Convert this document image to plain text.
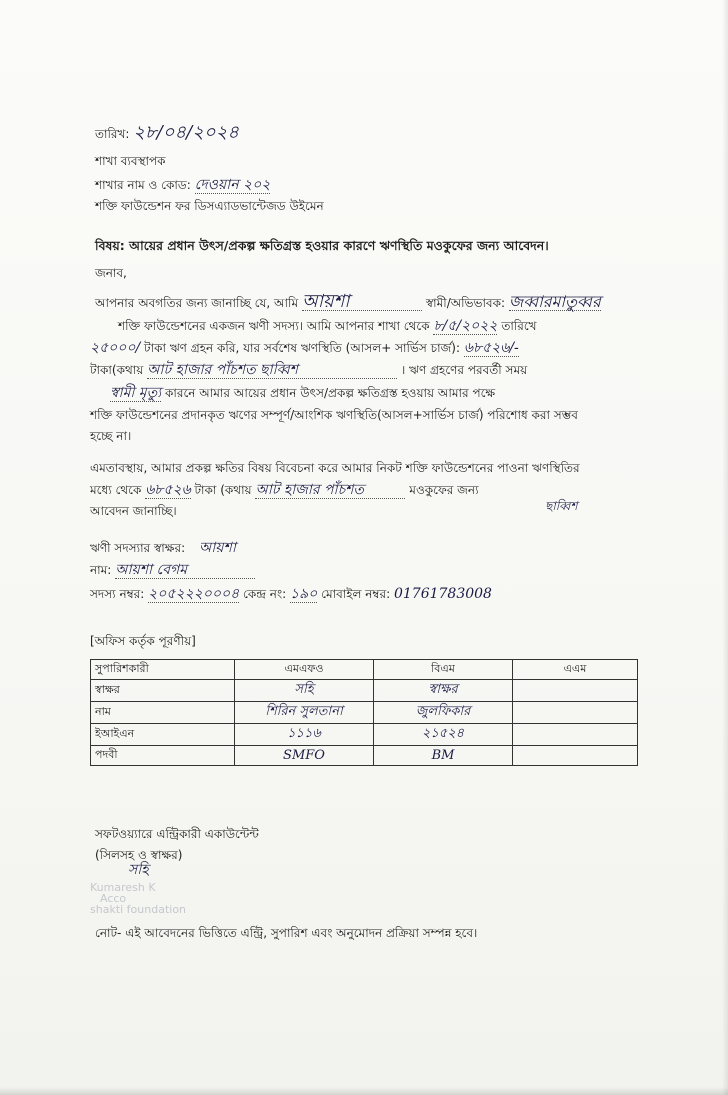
তারিখ: ২৮/০৪/২০২৪
শাখা ব্যবস্থাপক
শাখার নাম ও কোড: দেওয়ান ২০২
শক্তি ফাউন্ডেশন ফর ডিসএ্যাডভান্টেজড উইমেন
বিষয়: আয়ের প্রধান উৎস/প্রকল্প ক্ষতিগ্রস্ত হওয়ার কারণে ঋণস্থিতি মওকুফের জন্য আবেদন।
জনাব,
আপনার অবগতির জন্য জানাচ্ছি যে, আমি আয়শা	স্বামী/অভিভাবক: জব্বারমাতুব্বর
শক্তি ফাউন্ডেশনের একজন ঋণী সদস্য। আমি আপনার শাখা থেকে ৮/৫/২০২২ তারিখে
২৫০০০/ টাকা ঋণ গ্রহন করি, যার সর্বশেষ ঋণস্থিতি (আসল+ সার্ভিস চার্জ): ৬৮৫২৬/-
টাকা(কথায় আট হাজার পাঁচশত ছাব্বিশ	। ঋণ গ্রহণের পরবর্তী সময়
স্বামী মৃত্যু কারনে আমার আয়ের প্রধান উৎস/প্রকল্প ক্ষতিগ্রস্ত হওয়ায় আমার পক্ষে
শক্তি ফাউন্ডেশনের প্রদানকৃত ঋণের সম্পূর্ণ/আংশিক ঋণস্থিতি(আসল+সার্ভিস চার্জ) পরিশোধ করা সম্ভব
হচ্ছে না।
এমতাবস্থায়, আমার প্রকল্প ক্ষতির বিষয় বিবেচনা করে আমার নিকট শক্তি ফাউন্ডেশনের পাওনা ঋণস্থিতির
মধ্যে থেকে ৬৮৫২৬ টাকা (কথায় আট হাজার পাঁচশত	মওকুফের জন্য
ছাব্বিশ
আবেদন জানাচ্ছি।
ঋণী সদস্যার স্বাক্ষর: আয়শা
নাম: আয়শা বেগম
সদস্য নম্বর: ২০৫২২২০০০৪ কেন্দ্র নং: ১৯০ মোবাইল নম্বর: 01761783008
[অফিস কর্তৃক পূরণীয়]
সুপারিশকারী	এমএফও	বিএম	এএম
স্বাক্ষর	সহি	স্বাক্ষর	
নাম	শিরিন সুলতানা	জুলফিকার	
ইআইএন	১১১৬	২১৫২৪	
পদবী	SMFO	BM	
সফটওয়্যারে এন্ট্রিকারী একাউন্টেন্ট
(সিলসহ ও স্বাক্ষর)
সহি
Kumaresh K
Acco
shakti foundation
নোট- এই আবেদনের ভিত্তিতে এন্ট্রি, সুপারিশ এবং অনুমোদন প্রক্রিয়া সম্পন্ন হবে।
